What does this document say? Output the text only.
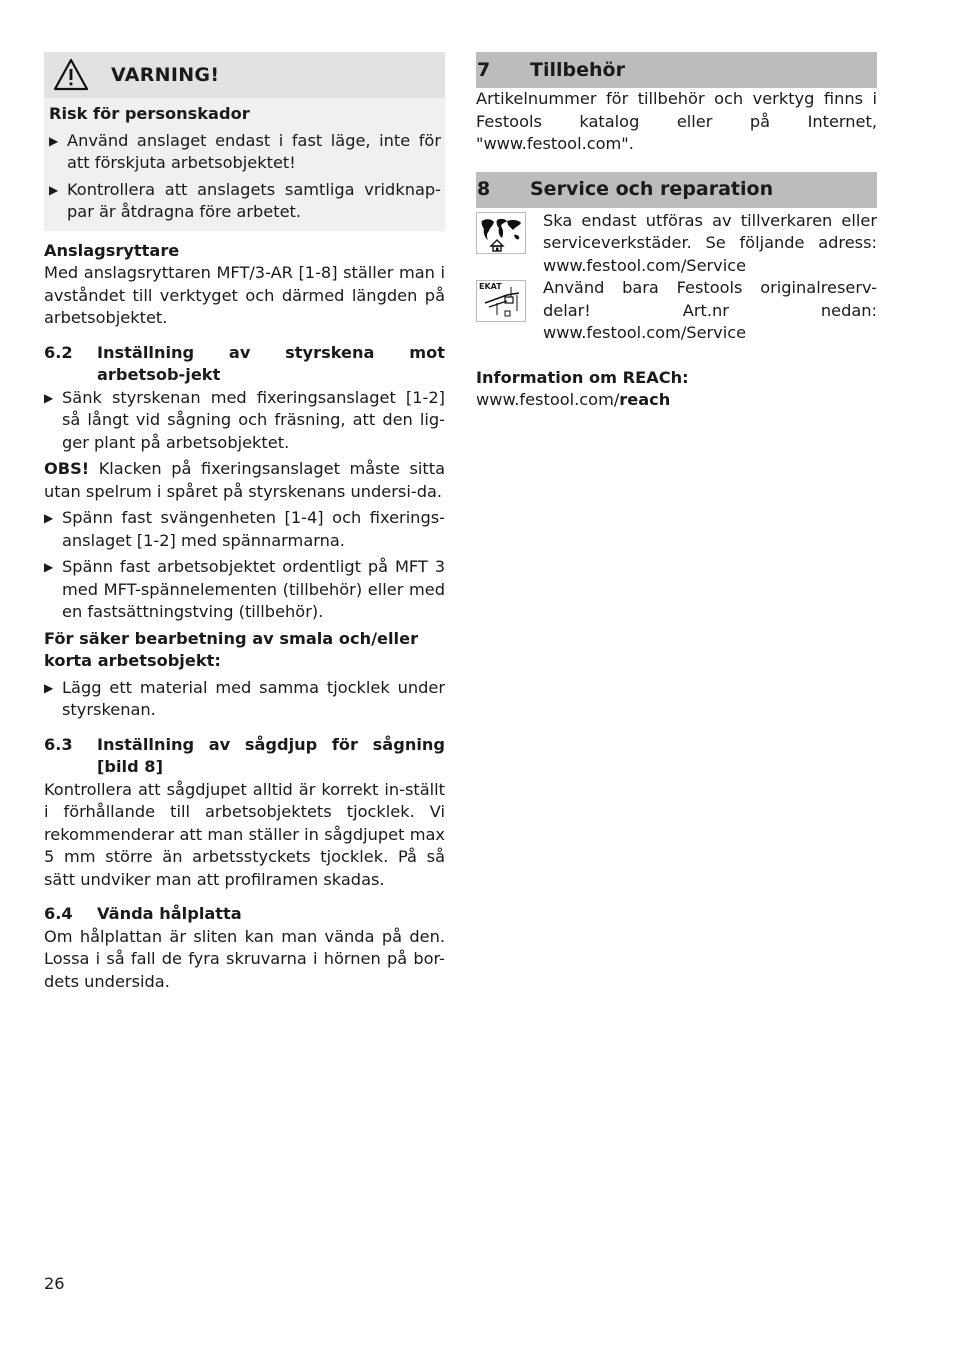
VARNING!
Risk för personskador
▶ Använd anslaget endast i fast läge, inte för att förskjuta arbetsobjektet!
▶ Kontrollera att anslagets samtliga vridknap-par är åtdragna före arbetet.
Anslagsryttare

Med anslagsryttaren MFT/3-AR [1-8] ställer man i avståndet till verktyget och därmed längden på arbetsobjektet.

6.2	Inställning av styrskena mot arbetsob-jekt
▶ Sänk styrskenan med fixeringsanslaget [1-2] så långt vid sågning och fräsning, att den lig-ger plant på arbetsobjektet.

OBS! Klacken på fixeringsanslaget måste sitta utan spelrum i spåret på styrskenans undersi-da.

▶ Spänn fast svängenheten [1-4] och fixerings-anslaget [1-2] med spännarmarna.
▶ Spänn fast arbetsobjektet ordentligt på MFT 3 med MFT-spännelementen (tillbehör) eller med en fastsättningstving (tillbehör).
För säker bearbetning av smala och/eller korta arbetsobjekt:
▶ Lägg ett material med samma tjocklek under styrskenan.
6.3	Inställning av sågdjup för sågning [bild 8]

Kontrollera att sågdjupet alltid är korrekt in-ställt i förhållande till arbetsobjektets tjocklek. Vi rekommenderar att man ställer in sågdjupet max 5 mm större än arbetsstyckets tjocklek. På så sätt undviker man att profilramen skadas.

6.4	Vända hålplatta

Om hålplattan är sliten kan man vända på den. Lossa i så fall de fyra skruvarna i hörnen på bor-dets undersida.

7	Tillbehör

Artikelnummer för tillbehör och verktyg finns i Festools katalog eller på Internet, "www.festool.com".

8	Service och reparation
Ska endast utföras av tillverkaren eller serviceverkstäder. Se följande adress: www.festool.com/Service
EKAT	Använd bara Festools originalreserv-delar! Art.nr nedan: www.festool.com/Service
Information om REACh:
www.festool.com/reach
26
